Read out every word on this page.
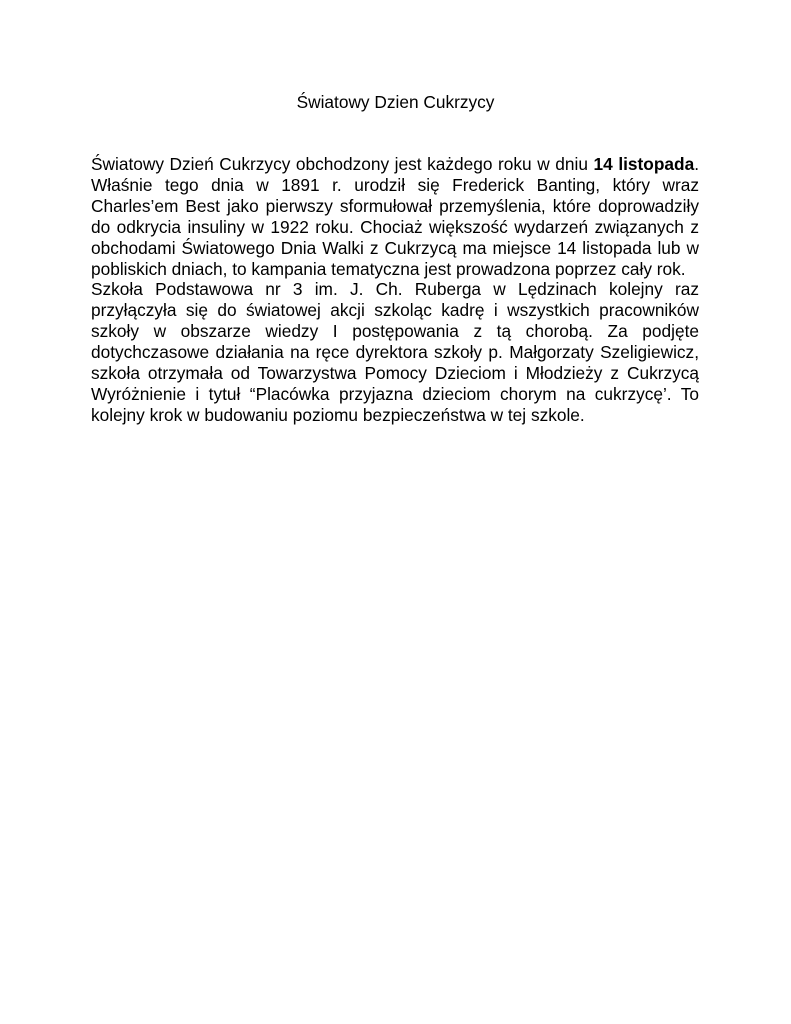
Światowy Dzien Cukrzycy

Światowy Dzień Cukrzycy obchodzony jest każdego roku w dniu 14 listopada. Właśnie tego dnia w 1891 r. urodził się Frederick Banting, który wraz Charles’em Best jako pierwszy sformułował przemyślenia, które doprowadziły do odkrycia insuliny w 1922 roku. Chociaż większość wydarzeń związanych z obchodami Światowego Dnia Walki z Cukrzycą ma miejsce 14 listopada lub w pobliskich dniach, to kampania tematyczna jest prowadzona poprzez cały rok.

Szkoła Podstawowa nr 3 im. J. Ch. Ruberga w Lędzinach kolejny raz przyłączyła się do światowej akcji szkoląc kadrę i wszystkich pracowników szkoły w obszarze wiedzy I postępowania z tą chorobą. Za podjęte dotychczasowe działania na ręce dyrektora szkoły p. Małgorzaty Szeligiewicz, szkoła otrzymała od Towarzystwa Pomocy Dzieciom i Młodzieży z Cukrzycą Wyróżnienie i tytuł “Placówka przyjazna dzieciom chorym na cukrzycę’. To kolejny krok w budowaniu poziomu bezpieczeństwa w tej szkole.
